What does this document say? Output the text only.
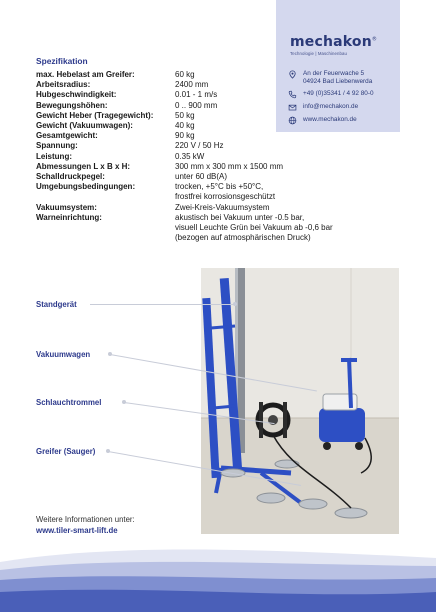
mechakon®
Technologie | Maschinenbau
An der Feuerwache 5
04924 Bad Liebenwerda
+49 (0)35341 / 4 92 80-0
info@mechakon.de
www.mechakon.de
Spezifikation
max. Hebelast am Greifer:	60 kg
Arbeitsradius:	2400 mm
Hubgeschwindigkeit:	0.01 - 1 m/s
Bewegungshöhen:	0 .. 900 mm
Gewicht Heber (Tragegewicht):	50 kg
Gewicht (Vakuumwagen):	40 kg
Gesamtgewicht:	90 kg
Spannung:	220 V / 50 Hz
Leistung:	0.35 kW
Abmessungen L x B x H:	300 mm x 300 mm x 1500 mm
Schalldruckpegel:	unter 60 dB(A)
Umgebungsbedingungen:	trocken, +5°C bis +50°C,
frostfrei korrosionsgeschützt
Vakuumsystem:	Zwei-Kreis-Vakuumsystem
Warneinrichtung:	akustisch bei Vakuum unter -0.5 bar,
visuell Leuchte Grün bei Vakuum ab -0,6 bar
(bezogen auf atmosphärischen Druck)
Standgerät
Vakuumwagen
Schlauchtrommel
Greifer (Sauger)
Weitere Informationen unter:
www.tiler-smart-lift.de
